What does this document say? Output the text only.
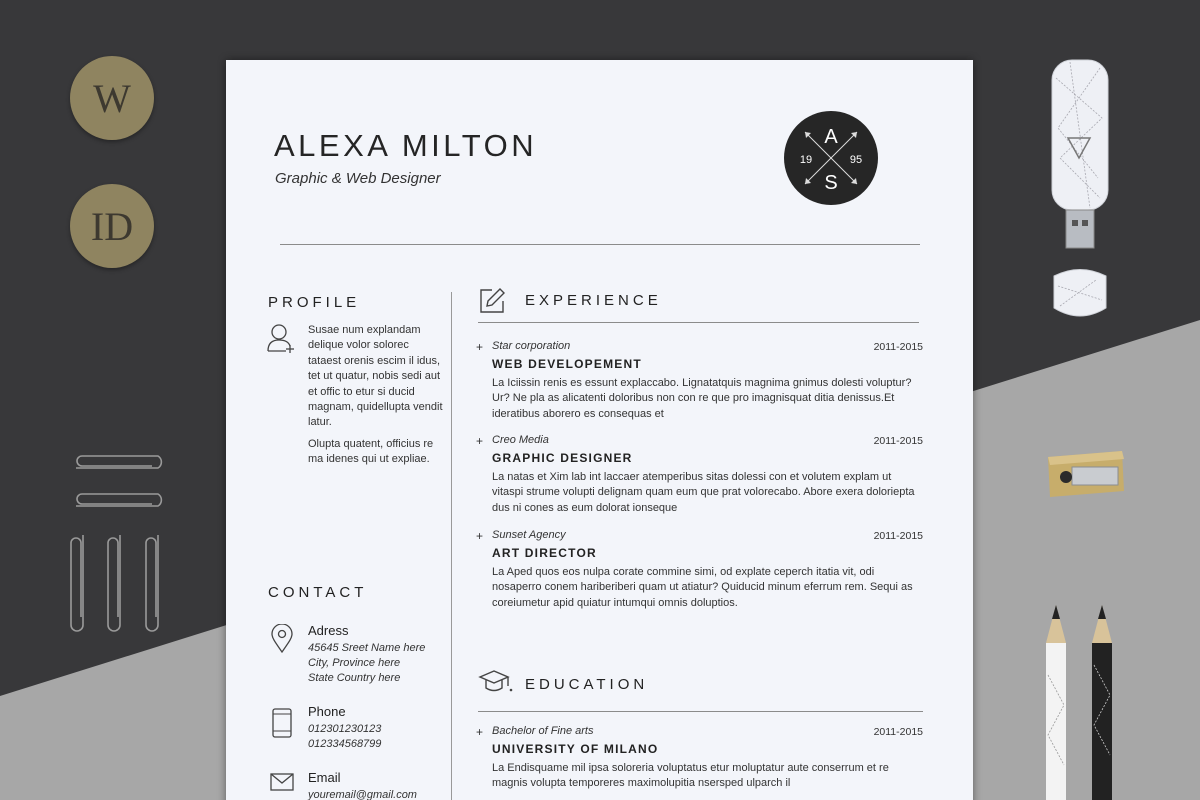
W
ID
ALEXA MILTON
Graphic & Web Designer
A
S
19	95
PROFILE

Susae num explandam delique volor solorec tataest orenis escim il idus, tet ut quatur, nobis sedi aut et offic to etur si ducid magnam, quidellupta vendit latur.

Olupta quatent, officius re ma idenes qui ut expliae.

CONTACT
Adress
45645 Sreet Name here
City, Province here
State Country here
Phone
012301230123
012334568799
Email
youremail@gmail.com
EXPERIENCE
+ Star corporation	2011-2015
WEB DEVELOPEMENT
La Iciissin renis es essunt explaccabo. Lignatatquis magnima gnimus dolesti voluptur?Ur? Ne pla as alicatenti doloribus non con re que pro imagnisquat ditia denissus.Et ideratibus aborero es consequas et
+ Creo Media	2011-2015
GRAPHIC DESIGNER
La natas et Xim lab int laccaer atemperibus sitas dolessi con et volutem explam ut vitaspi strume volupti delignam quam eum que prat volorecabo. Abore exera doloriepta dus ni cones as eum dolorat ionseque
+ Sunset Agency	2011-2015
ART DIRECTOR
La Aped quos eos nulpa corate commine simi, od explate ceperch itatia vit, odi nosaperro conem hariberiberi quam ut atiatur? Quiducid minum eferrum rem. Sequi as coreiumetur apid quiatur intumqui omnis doluptios.
EDUCATION
+ Bachelor of Fine arts	2011-2015
UNIVERSITY OF MILANO
La Endisquame mil ipsa soloreria voluptatus etur moluptatur aute conserrum et re magnis volupta temporeres maximolupitia nsersped ulparch il
